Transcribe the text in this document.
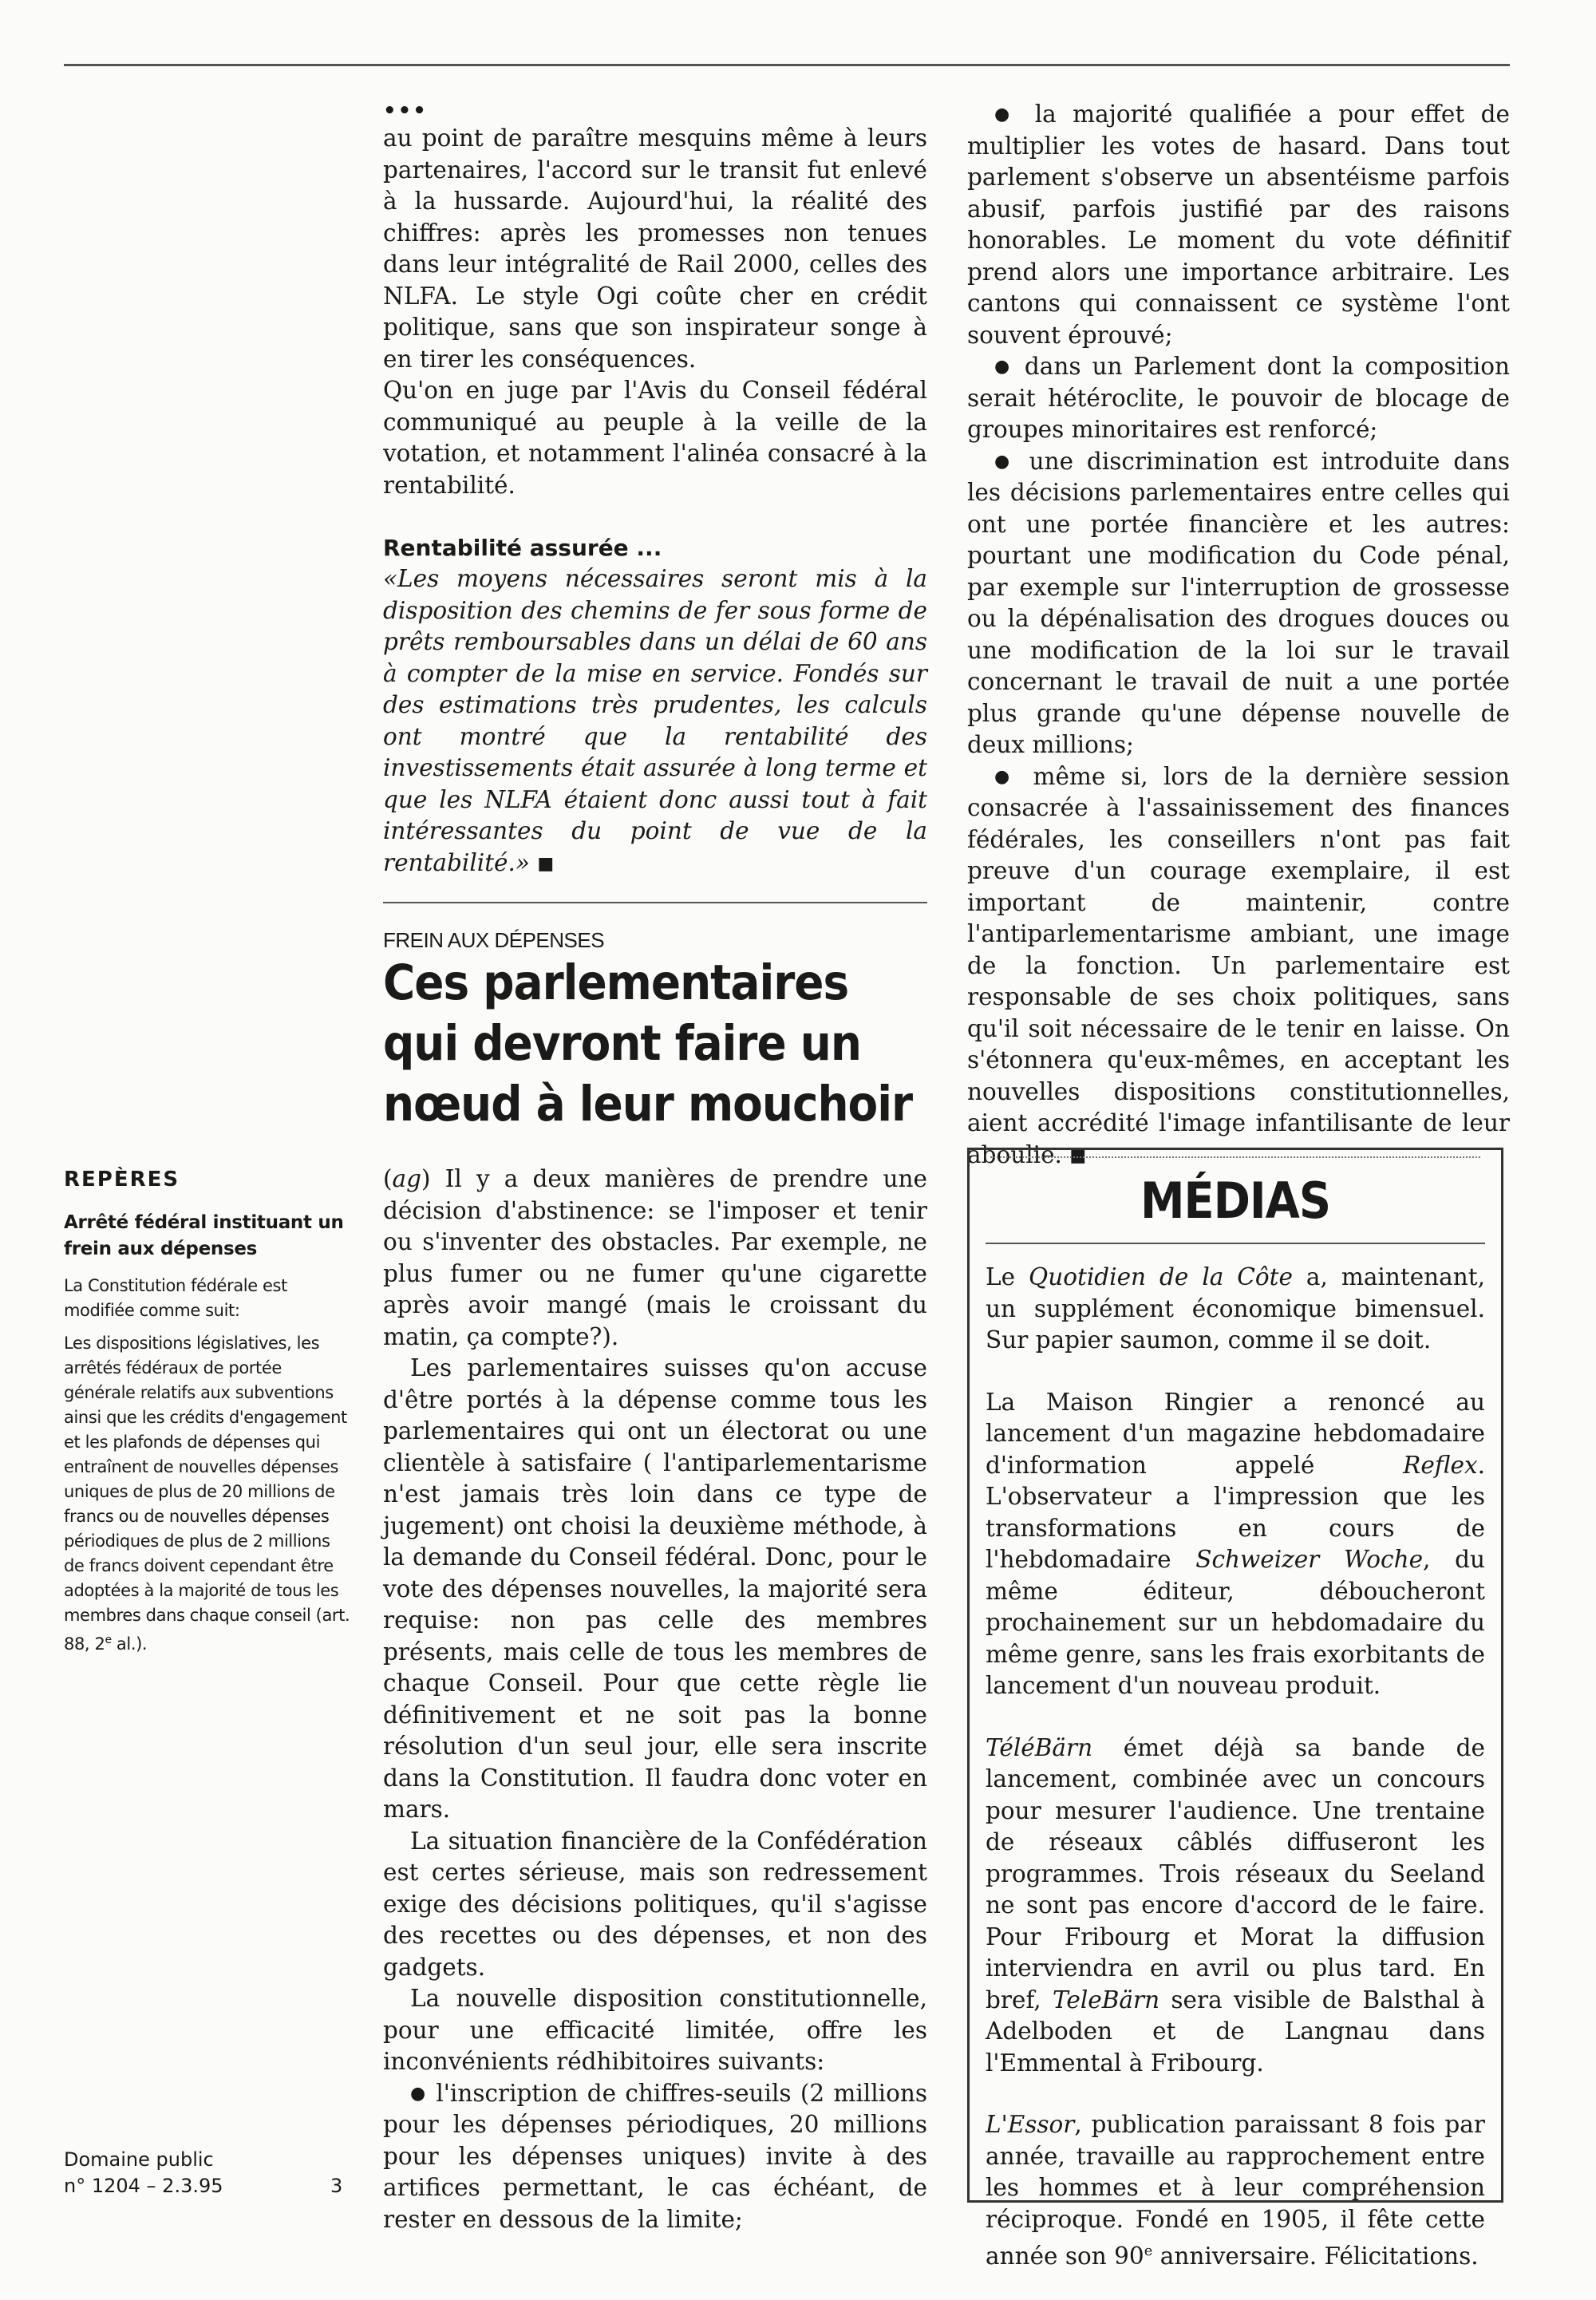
•••

au point de paraître mesquins même à leurs partenaires, l'accord sur le transit fut enlevé à la hussarde. Aujourd'hui, la réalité des chiffres: après les promesses non tenues dans leur intégralité de Rail 2000, celles des NLFA. Le style Ogi coûte cher en crédit politique, sans que son inspirateur songe à en tirer les conséquences.

Qu'on en juge par l'Avis du Conseil fédéral communiqué au peuple à la veille de la votation, et notamment l'alinéa consacré à la rentabilité.

Rentabilité assurée ...

«Les moyens nécessaires seront mis à la disposition des chemins de fer sous forme de prêts remboursables dans un délai de 60 ans à compter de la mise en service. Fondés sur des estimations très prudentes, les calculs ont montré que la rentabilité des investissements était assurée à long terme et que les NLFA étaient donc aussi tout à fait intéressantes du point de vue de la rentabilité.» ■

FREIN AUX DÉPENSES

Ces parlementaires qui devront faire un nœud à leur mouchoir

(ag) Il y a deux manières de prendre une décision d'abstinence: se l'imposer et tenir ou s'inventer des obstacles. Par exemple, ne plus fumer ou ne fumer qu'une cigarette après avoir mangé (mais le croissant du matin, ça compte?).

Les parlementaires suisses qu'on accuse d'être portés à la dépense comme tous les parlementaires qui ont un électorat ou une clientèle à satisfaire ( l'antiparlementarisme n'est jamais très loin dans ce type de jugement) ont choisi la deuxième méthode, à la demande du Conseil fédéral. Donc, pour le vote des dépenses nouvelles, la majorité sera requise: non pas celle des membres présents, mais celle de tous les membres de chaque Conseil. Pour que cette règle lie définitivement et ne soit pas la bonne résolution d'un seul jour, elle sera inscrite dans la Constitution. Il faudra donc voter en mars.

La situation financière de la Confédération est certes sérieuse, mais son redressement exige des décisions politiques, qu'il s'agisse des recettes ou des dépenses, et non des gadgets.

La nouvelle disposition constitutionnelle, pour une efficacité limitée, offre les inconvénients rédhibitoires suivants:

● l'inscription de chiffres-seuils (2 millions pour les dépenses périodiques, 20 millions pour les dépenses uniques) invite à des artifices permettant, le cas échéant, de rester en dessous de la limite;

● la majorité qualifiée a pour effet de multiplier les votes de hasard. Dans tout parlement s'observe un absentéisme parfois abusif, parfois justifié par des raisons honorables. Le moment du vote définitif prend alors une importance arbitraire. Les cantons qui connaissent ce système l'ont souvent éprouvé;

● dans un Parlement dont la composition serait hétéroclite, le pouvoir de blocage de groupes minoritaires est renforcé;

● une discrimination est introduite dans les décisions parlementaires entre celles qui ont une portée financière et les autres: pourtant une modification du Code pénal, par exemple sur l'interruption de grossesse ou la dépénalisation des drogues douces ou une modification de la loi sur le travail concernant le travail de nuit a une portée plus grande qu'une dépense nouvelle de deux millions;

● même si, lors de la dernière session consacrée à l'assainissement des finances fédérales, les conseillers n'ont pas fait preuve d'un courage exemplaire, il est important de maintenir, contre l'antiparlementarisme ambiant, une image de la fonction. Un parlementaire est responsable de ses choix politiques, sans qu'il soit nécessaire de le tenir en laisse. On s'étonnera qu'eux-mêmes, en acceptant les nouvelles dispositions constitutionnelles, aient accrédité l'image infantilisante de leur aboulie. ■

REPÈRES

Arrêté fédéral instituant un frein aux dépenses

La Constitution fédérale est modifiée comme suit:

Les dispositions législatives, les arrêtés fédéraux de portée générale relatifs aux subventions ainsi que les crédits d'engagement et les plafonds de dépenses qui entraînent de nouvelles dépenses uniques de plus de 20 millions de francs ou de nouvelles dépenses périodiques de plus de 2 millions de francs doivent cependant être adoptées à la majorité de tous les membres dans chaque conseil (art. 88, 2e al.).

Domaine public
n° 1204 – 2.3.95	3
MÉDIAS

Le Quotidien de la Côte a, maintenant, un supplément économique bimensuel. Sur papier saumon, comme il se doit.

La Maison Ringier a renoncé au lancement d'un magazine hebdomadaire d'information appelé Reflex. L'observateur a l'impression que les transformations en cours de l'hebdomadaire Schweizer Woche, du même éditeur, déboucheront prochainement sur un hebdomadaire du même genre, sans les frais exorbitants de lancement d'un nouveau produit.

TéléBärn émet déjà sa bande de lancement, combinée avec un concours pour mesurer l'audience. Une trentaine de réseaux câblés diffuseront les programmes. Trois réseaux du Seeland ne sont pas encore d'accord de le faire. Pour Fribourg et Morat la diffusion interviendra en avril ou plus tard. En bref, TeleBärn sera visible de Balsthal à Adelboden et de Langnau dans l'Emmental à Fribourg.

L'Essor, publication paraissant 8 fois par année, travaille au rapprochement entre les hommes et à leur compréhension réciproque. Fondé en 1905, il fête cette année son 90e anniversaire. Félicitations.
